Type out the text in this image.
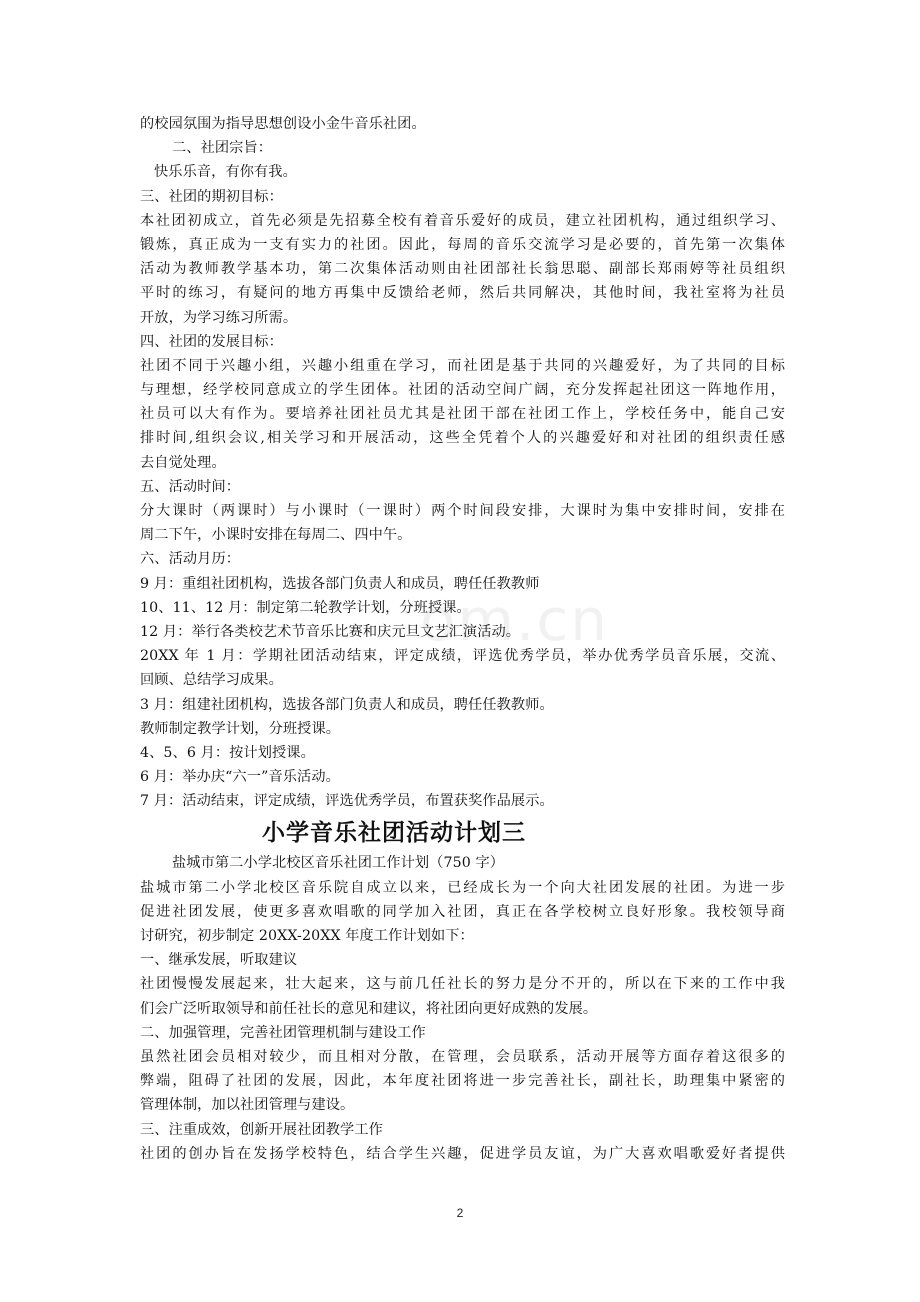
om.cn
的校园氛围为指导思想创设小金牛音乐社团。
二、社团宗旨：
快乐乐音，有你有我。
三、社团的期初目标：
本社团初成立，首先必须是先招募全校有着音乐爱好的成员，建立社团机构，通过组织学习、
锻炼，真正成为一支有实力的社团。因此，每周的音乐交流学习是必要的，首先第一次集体
活动为教师教学基本功，第二次集体活动则由社团部社长翁思聪、副部长郑雨婷等社员组织
平时的练习，有疑问的地方再集中反馈给老师，然后共同解决，其他时间，我社室将为社员
开放，为学习练习所需。
四、社团的发展目标：
社团不同于兴趣小组，兴趣小组重在学习，而社团是基于共同的兴趣爱好，为了共同的目标
与理想，经学校同意成立的学生团体。社团的活动空间广阔，充分发挥起社团这一阵地作用，
社员可以大有作为。要培养社团社员尤其是社团干部在社团工作上，学校任务中，能自己安
排时间,组织会议,相关学习和开展活动，这些全凭着个人的兴趣爱好和对社团的组织责任感
去自觉处理。
五、活动时间：
分大课时（两课时）与小课时（一课时）两个时间段安排，大课时为集中安排时间，安排在
周二下午，小课时安排在每周二、四中午。
六、活动月历：
9 月：重组社团机构，选拔各部门负责人和成员，聘任任教教师
10、11、12 月：制定第二轮教学计划，分班授课。
12 月：举行各类校艺术节音乐比赛和庆元旦文艺汇演活动。
20XX 年 1 月：学期社团活动结束，评定成绩，评选优秀学员，举办优秀学员音乐展，交流、
回顾、总结学习成果。
3 月：组建社团机构，选拔各部门负责人和成员，聘任任教教师。
教师制定教学计划，分班授课。
4、5、6 月：按计划授课。
6 月：举办庆“六一”音乐活动。
7 月：活动结束，评定成绩，评选优秀学员，布置获奖作品展示。
小学音乐社团活动计划三
盐城市第二小学北校区音乐社团工作计划（750 字）
盐城市第二小学北校区音乐院自成立以来，已经成长为一个向大社团发展的社团。为进一步
促进社团发展，使更多喜欢唱歌的同学加入社团，真正在各学校树立良好形象。我校领导商
讨研究，初步制定 20XX-20XX 年度工作计划如下：
一、继承发展，听取建议
社团慢慢发展起来，壮大起来，这与前几任社长的努力是分不开的，所以在下来的工作中我
们会广泛听取领导和前任社长的意见和建议，将社团向更好成熟的发展。
二、加强管理，完善社团管理机制与建设工作
虽然社团会员相对较少，而且相对分散，在管理，会员联系，活动开展等方面存着这很多的
弊端，阻碍了社团的发展，因此，本年度社团将进一步完善社长，副社长，助理集中紧密的
管理体制，加以社团管理与建设。
三、注重成效，创新开展社团教学工作
社团的创办旨在发扬学校特色，结合学生兴趣，促进学员友谊，为广大喜欢唱歌爱好者提供
2
